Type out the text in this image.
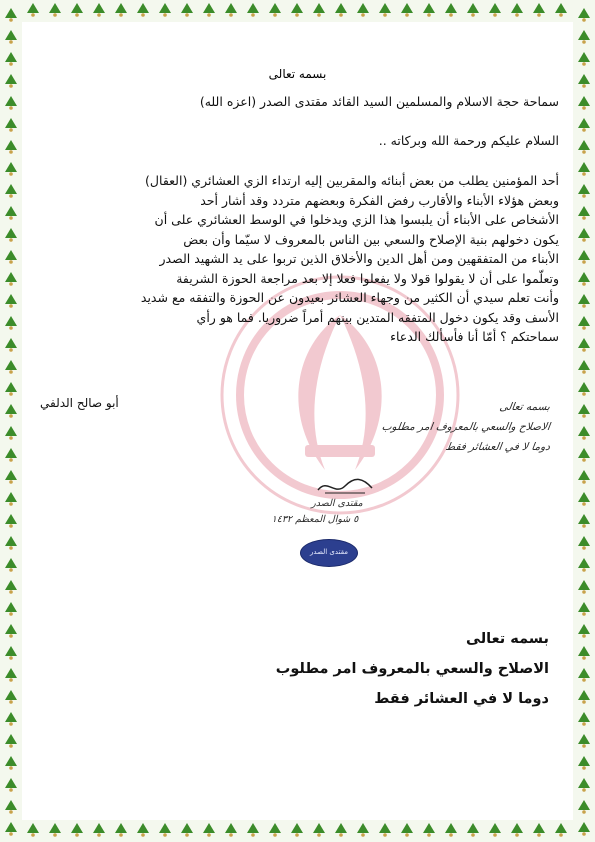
بسمه تعالى
سماحة حجة الاسلام والمسلمين السيد القائد مقتدى الصدر (اعزه الله)
السلام عليكم ورحمة الله وبركاته ..

أحد المؤمنين يطلب من بعض أبنائه والمقربين إليه ارتداء الزي العشائري (العقال)

وبعض هؤلاء الأبناء والأقارب رفض الفكرة وبعضهم متردد وقد أشار أحد

الأشخاص على الأبناء أن يلبسوا هذا الزي ويدخلوا في الوسط العشائري على أن

يكون دخولهم بنية الإصلاح والسعي بين الناس بالمعروف لا سيّما وأن بعض

الأبناء من المتفقهين ومن أهل الدين والأخلاق الذين تربوا على يد الشهيد الصدر

وتعلّموا على أن لا يقولوا قولا ولا يفعلوا فعلا إلا بعد مراجعة الحوزة الشريفة

وأنت تعلم سيدي أن الكثير من وجهاء العشائر بعيدون عن الحوزة والتفقه مع شديد

الأسف وقد يكون دخول المتفقه المتدين بينهم أمراً ضروريا. فما هو رأي

سماحتكم ؟ أمّا أنا فأسألك الدعاء

أبو صالح الدلفي	بسمه تعالى
الاصلاح والسعي بالمعروف امر مطلوب
دوما لا في العشائر فقط
مقتدى الصدر
٥ شوال المعظم ١٤٣٢
مقتدى الصدر
بسمه تعالى
الاصلاح والسعي بالمعروف امر مطلوب
دوما لا في العشائر فقط
